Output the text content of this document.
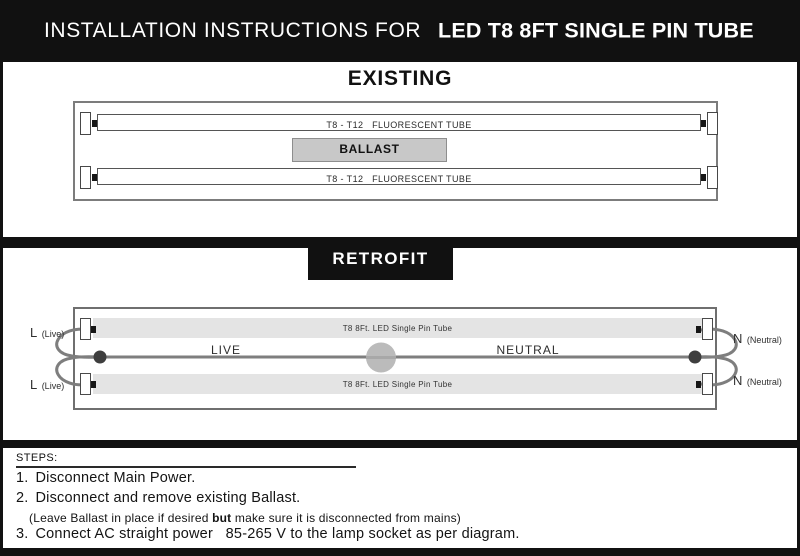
INSTALLATION INSTRUCTIONS FOR LED T8 8FT SINGLE PIN TUBE
EXISTING
T8 - T12   FLUORESCENT TUBE
BALLAST
T8 - T12   FLUORESCENT TUBE
RETROFIT
T8 8Ft. LED Single Pin Tube
T8 8Ft. LED Single Pin Tube
L (Live)
L (Live)
N (Neutral)
N (Neutral)
LIVE	NEUTRAL
STEPS:
1. Disconnect Main Power.
2. Disconnect and remove existing Ballast.
(Leave Ballast in place if desired but make sure it is disconnected from mains)
3. Connect AC straight power   85-265 V to the lamp socket as per diagram.
